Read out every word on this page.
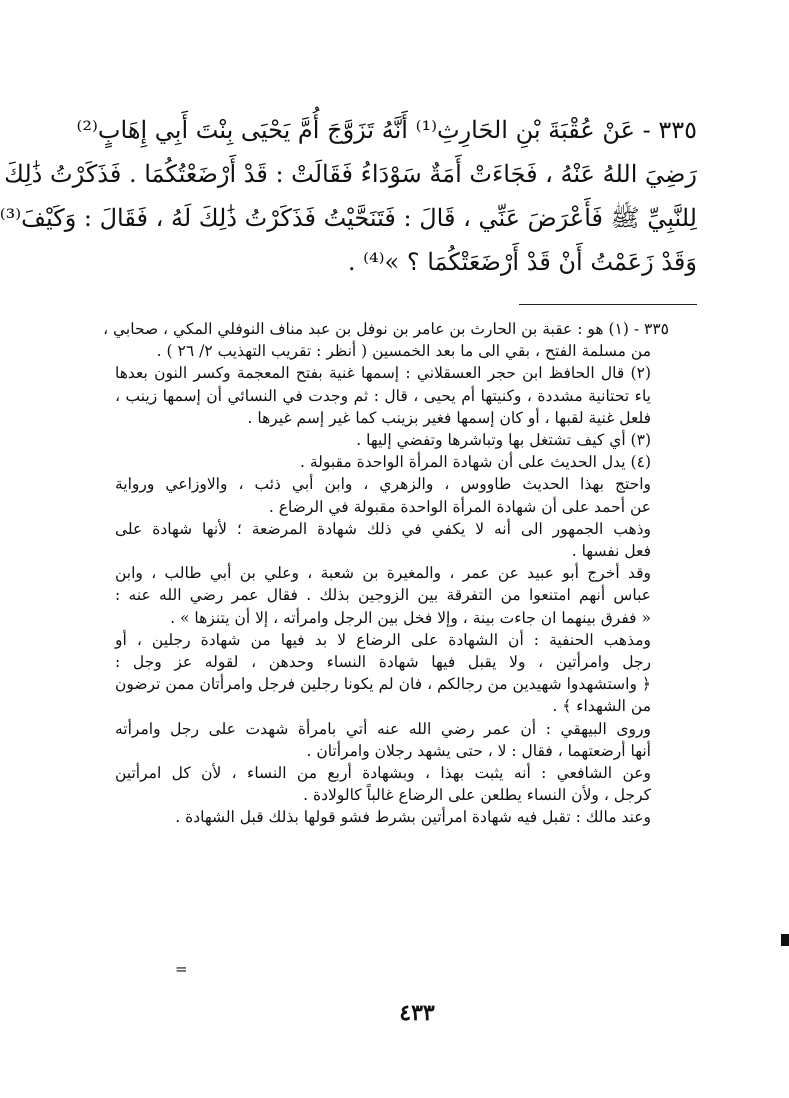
٣٣٥ - عَنْ عُقْبَةَ بْنِ الحَارِثِ⁽¹⁾ أَنَّهُ تَزَوَّجَ أُمَّ يَحْيَى بِنْتَ أَبِي إِهَابٍ⁽²⁾
رَضِيَ اللهُ عَنْهُ ، فَجَاءَتْ أَمَةٌ سَوْدَاءُ فَقَالَتْ : قَدْ أَرْضَعْتُكُمَا . فَذَكَرْتُ ذَٰلِكَ
لِلنَّبِيِّ ﷺ فَأَعْرَضَ عَنِّي ، قَالَ : فَتَنَحَّيْتُ فَذَكَرْتُ ذَٰلِكَ لَهُ ، فَقَالَ : وَكَيْفَ⁽³⁾
وَقَدْ زَعَمْتُ أَنْ قَدْ أَرْضَعَتْكُمَا ؟ »⁽⁴⁾ .
٣٣٥ - (١) هو : عقبة بن الحارث بن عامر بن نوفل بن عبد مناف النوفلي المكي ، صحابي ،
من مسلمة الفتح ، بقي الى ما بعد الخمسين ( أنظر : تقريب التهذيب ٢/ ٢٦ ) .
(٢) قال الحافظ ابن حجر العسقلاني : إسمها غنية بفتح المعجمة وكسر النون بعدها
ياء تحتانية مشددة ، وكنيتها أم يحيى ، قال : ثم وجدت في النسائي أن إسمها زينب ،
فلعل غنية لقبها ، أو كان إسمها فغير بزينب كما غير إسم غيرها .
(٣) أي كيف تشتغل بها وتباشرها وتفضي إليها .
(٤) يدل الحديث على أن شهادة المرأة الواحدة مقبولة .
واحتج بهذا الحديث طاووس ، والزهري ، وابن أبي ذئب ، والاوزاعي ورواية
عن أحمد على أن شهادة المرأة الواحدة مقبولة في الرضاع .
وذهب الجمهور الى أنه لا يكفي في ذلك شهادة المرضعة ؛ لأنها شهادة على
فعل نفسها .
وقد أخرج أبو عبيد عن عمر ، والمغيرة بن شعبة ، وعلي بن أبي طالب ، وابن
عباس أنهم امتنعوا من التفرقة بين الزوجين بذلك . فقال عمر رضي الله عنه :
« ففرق بينهما ان جاءت بينة ، وإلا فخل بين الرجل وامرأته ، إلا أن يتنزها » .
ومذهب الحنفية : أن الشهادة على الرضاع لا بد فيها من شهادة رجلين ، أو
رجل وامرأتين ، ولا يقبل فيها شهادة النساء وحدهن ، لقوله عز وجل :
﴿ واستشهدوا شهيدين من رجالكم ، فان لم يكونا رجلين فرجل وامرأتان ممن ترضون
من الشهداء ﴾ .
وروى البيهقي : أن عمر رضي الله عنه أتي بامرأة شهدت على رجل وامرأته
أنها أرضعتهما ، فقال : لا ، حتى يشهد رجلان وامرأتان .
وعن الشافعي : أنه يثبت بهذا ، وبشهادة أربع من النساء ، لأن كل امرأتين
كرجل ، ولأن النساء يطلعن على الرضاع غالباً كالولادة .
وعند مالك : تقبل فيه شهادة امرأتين بشرط فشو قولها بذلك قبل الشهادة .
=
٤٣٣
